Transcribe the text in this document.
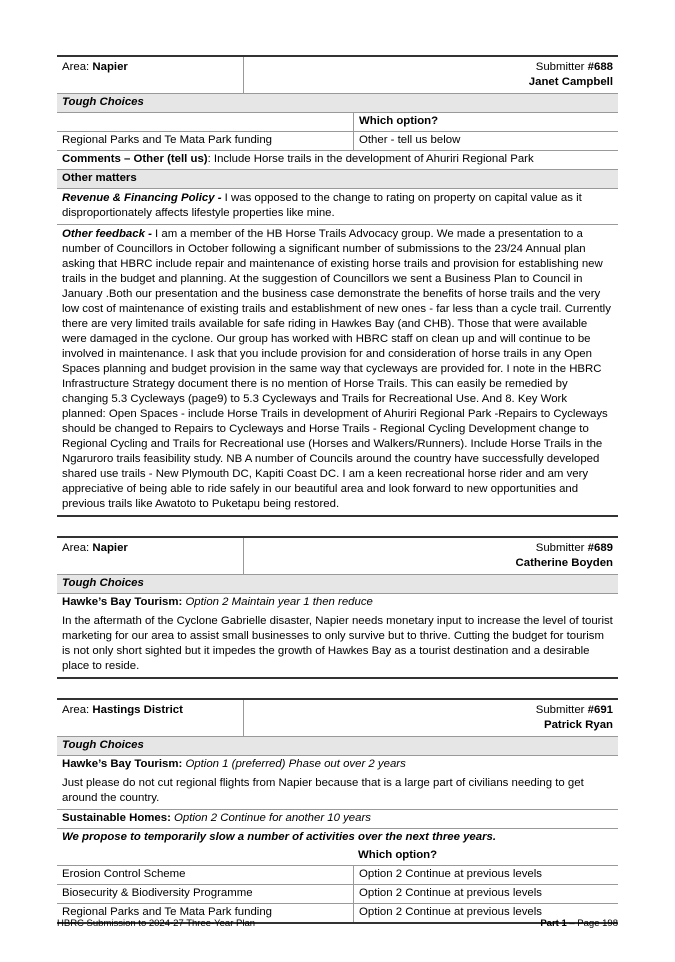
Area: Napier	Submitter #688
Janet Campbell
Tough Choices
Which option?
Regional Parks and Te Mata Park funding	Other - tell us below
Comments – Other (tell us): Include Horse trails in the development of Ahuriri Regional Park
Other matters
Revenue & Financing Policy - I was opposed to the change to rating on property on capital value as it disproportionately affects lifestyle properties like mine.
Other feedback - I am a member of the HB Horse Trails Advocacy group. We made a presentation to a number of Councillors in October following a significant number of submissions to the 23/24 Annual plan asking that HBRC include repair and maintenance of existing horse trails and provision for establishing new trails in the budget and planning. At the suggestion of Councillors we sent a Business Plan to Council in January .Both our presentation and the business case demonstrate the benefits of horse trails and the very low cost of maintenance of existing trails and establishment of new ones - far less than a cycle trail. Currently there are very limited trails available for safe riding in Hawkes Bay (and CHB). Those that were available were damaged in the cyclone. Our group has worked with HBRC staff on clean up and will continue to be involved in maintenance. I ask that you include provision for and consideration of horse trails in any Open Spaces planning and budget provision in the same way that cycleways are provided for. I note in the HBRC Infrastructure Strategy document there is no mention of Horse Trails. This can easily be remedied by changing 5.3 Cycleways (page9) to 5.3 Cycleways and Trails for Recreational Use. And 8. Key Work planned: Open Spaces - include Horse Trails in development of Ahuriri Regional Park -Repairs to Cycleways should be changed to Repairs to Cycleways and Horse Trails - Regional Cycling Development change to Regional Cycling and Trails for Recreational use (Horses and Walkers/Runners). Include Horse Trails in the Ngaruroro trails feasibility study. NB A number of Councils around the country have successfully developed shared use trails - New Plymouth DC, Kapiti Coast DC. I am a keen recreational horse rider and am very appreciative of being able to ride safely in our beautiful area and look forward to new opportunities and previous trails like Awatoto to Puketapu being restored.
Area: Napier	Submitter #689
Catherine Boyden
Tough Choices
Hawke’s Bay Tourism: Option 2 Maintain year 1 then reduce
In the aftermath of the Cyclone Gabrielle disaster, Napier needs monetary input to increase the level of tourist marketing for our area to assist small businesses to only survive but to thrive. Cutting the budget for tourism is not only short sighted but it impedes the growth of Hawkes Bay as a tourist destination and a desirable place to reside.
Area: Hastings District	Submitter #691
Patrick Ryan
Tough Choices
Hawke’s Bay Tourism: Option 1 (preferred) Phase out over 2 years
Just please do not cut regional flights from Napier because that is a large part of civilians needing to get around the country.
Sustainable Homes: Option 2 Continue for another 10 years
We propose to temporarily slow a number of activities over the next three years.
Which option?
Erosion Control Scheme	Option 2 Continue at previous levels
Biosecurity & Biodiversity Programme	Option 2 Continue at previous levels
Regional Parks and Te Mata Park funding	Option 2 Continue at previous levels
HBRC Submission to 2024-27 Three-Year Plan	Part 1 – Page 198
